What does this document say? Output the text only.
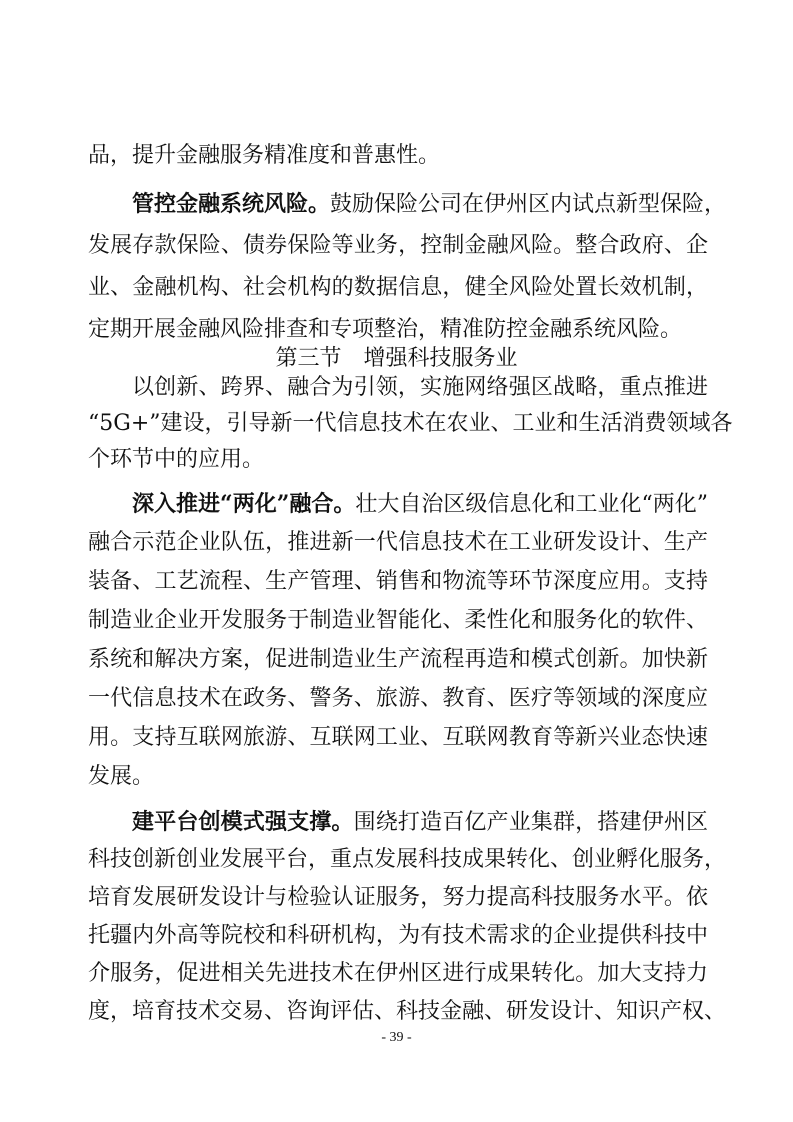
品，提升金融服务精准度和普惠性。
管控金融系统风险。鼓励保险公司在伊州区内试点新型保险，
发展存款保险、债券保险等业务，控制金融风险。整合政府、企
业、金融机构、社会机构的数据信息，健全风险处置长效机制，
定期开展金融风险排查和专项整治，精准防控金融系统风险。
第三节　增强科技服务业
以创新、跨界、融合为引领，实施网络强区战略，重点推进
“5G+”建设，引导新一代信息技术在农业、工业和生活消费领域各
个环节中的应用。
深入推进“两化”融合。壮大自治区级信息化和工业化“两化”
融合示范企业队伍，推进新一代信息技术在工业研发设计、生产
装备、工艺流程、生产管理、销售和物流等环节深度应用。支持
制造业企业开发服务于制造业智能化、柔性化和服务化的软件、
系统和解决方案，促进制造业生产流程再造和模式创新。加快新
一代信息技术在政务、警务、旅游、教育、医疗等领域的深度应
用。支持互联网旅游、互联网工业、互联网教育等新兴业态快速
发展。
建平台创模式强支撑。围绕打造百亿产业集群，搭建伊州区
科技创新创业发展平台，重点发展科技成果转化、创业孵化服务，
培育发展研发设计与检验认证服务，努力提高科技服务水平。依
托疆内外高等院校和科研机构，为有技术需求的企业提供科技中
介服务，促进相关先进技术在伊州区进行成果转化。加大支持力
度，培育技术交易、咨询评估、科技金融、研发设计、知识产权、
- 39 -
